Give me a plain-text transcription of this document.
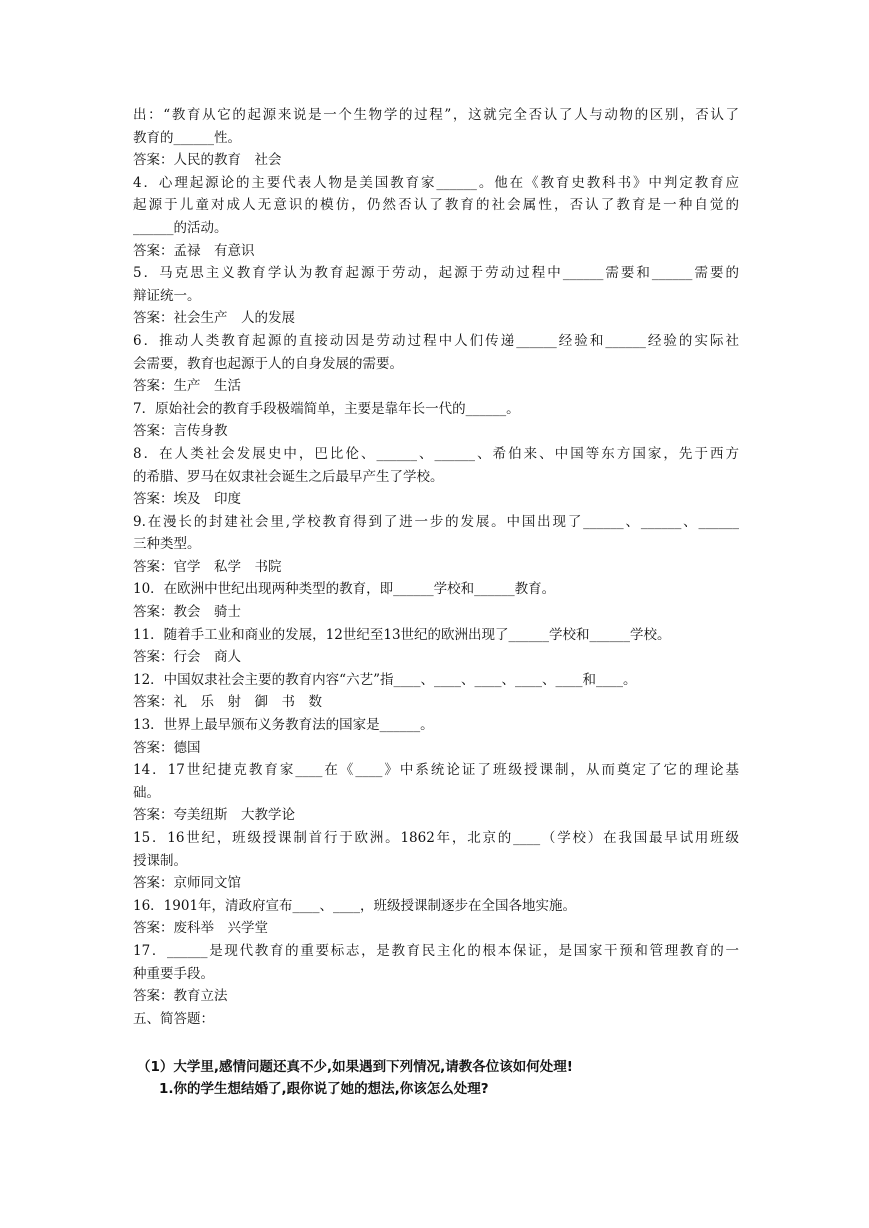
出：“教育从它的起源来说是一个生物学的过程”，这就完全否认了人与动物的区别，否认了
教育的______性。
答案：人民的教育　社会
4．心理起源论的主要代表人物是美国教育家______。他在《教育史教科书》中判定教育应
起源于儿童对成人无意识的模仿，仍然否认了教育的社会属性，否认了教育是一种自觉的
______的活动。
答案：孟禄　有意识
5．马克思主义教育学认为教育起源于劳动，起源于劳动过程中______需要和______需要的
辩证统一。
答案：社会生产　人的发展
6．推动人类教育起源的直接动因是劳动过程中人们传递______经验和______经验的实际社
会需要，教育也起源于人的自身发展的需要。
答案：生产　生活
7．原始社会的教育手段极端简单，主要是靠年长一代的______。
答案：言传身教
8．在人类社会发展史中，巴比伦、______、______、希伯来、中国等东方国家，先于西方
的希腊、罗马在奴隶社会诞生之后最早产生了学校。
答案：埃及　印度
9.在漫长的封建社会里,学校教育得到了进一步的发展。中国出现了______、______、______
三种类型。
答案：官学　私学　书院
10．在欧洲中世纪出现两种类型的教育，即______学校和______教育。
答案：教会　骑士
11．随着手工业和商业的发展，12世纪至13世纪的欧洲出现了______学校和______学校。
答案：行会　商人
12．中国奴隶社会主要的教育内容“六艺”指____、____、____、____、____和____。
答案：礼　乐　射　御　书　数
13．世界上最早颁布义务教育法的国家是______。
答案：德国
14．17世纪捷克教育家____在《____》中系统论证了班级授课制，从而奠定了它的理论基
础。
答案：夸美纽斯　大教学论
15．16世纪，班级授课制首行于欧洲。1862年，北京的____（学校）在我国最早试用班级
授课制。
答案：京师同文馆
16．1901年，清政府宣布____、____，班级授课制逐步在全国各地实施。
答案：废科举　兴学堂
17．______是现代教育的重要标志，是教育民主化的根本保证，是国家干预和管理教育的一
种重要手段。
答案：教育立法
五、简答题：
（1）大学里,感情问题还真不少,如果遇到下列情况,请教各位该如何处理!
1.你的学生想结婚了,跟你说了她的想法,你该怎么处理?
